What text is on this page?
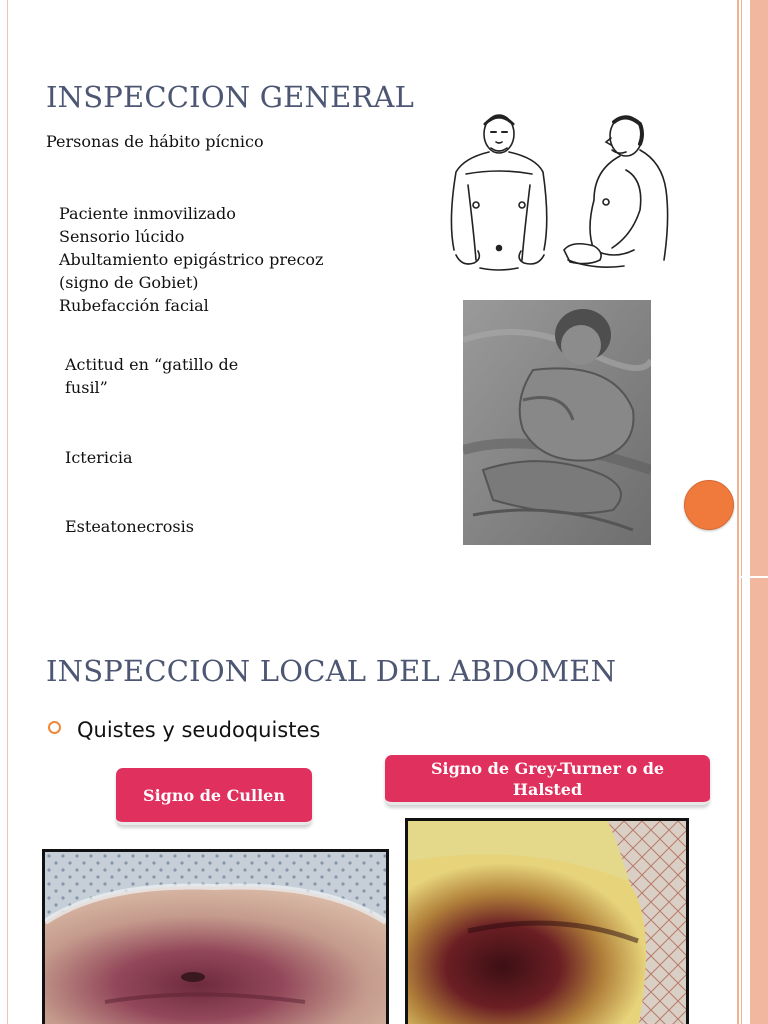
INSPECCION GENERAL

Personas de hábito pícnico

Paciente inmovilizado
Sensorio lúcido
Abultamiento epigástrico precoz
(signo de Gobiet)
Rubefacción facial
Actitud en “gatillo de
fusil”

Ictericia

Esteatonecrosis

INSPECCION LOCAL DEL ABDOMEN
Quistes y seudoquistes
Signo de Cullen
Signo de Grey-Turner o de
Halsted
